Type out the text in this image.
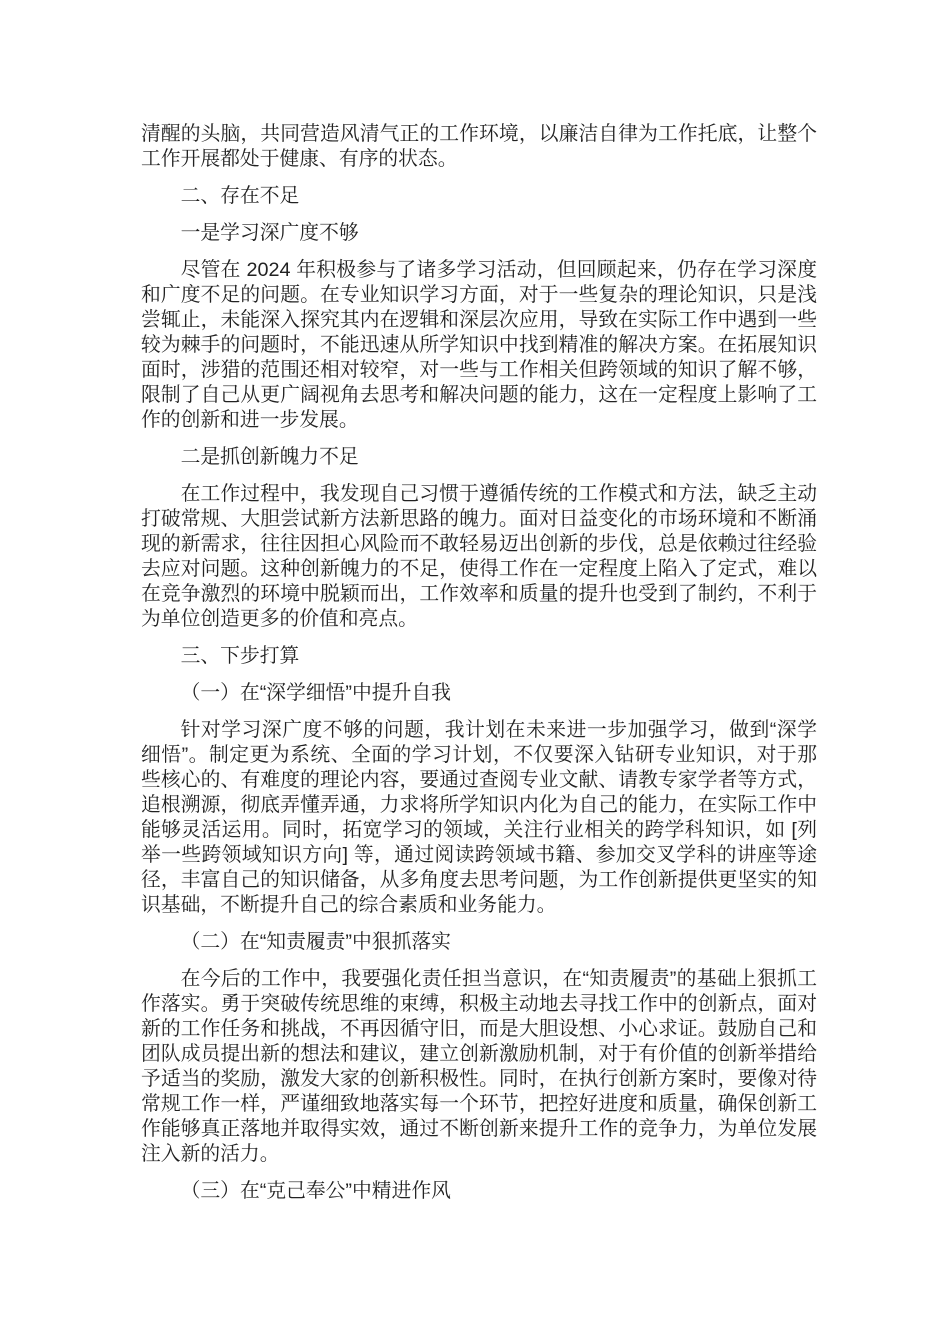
清醒的头脑，共同营造风清气正的工作环境，以廉洁自律为工作托底，让整个工作开展都处于健康、有序的状态。
二、存在不足
一是学习深广度不够
尽管在 2024 年积极参与了诸多学习活动，但回顾起来，仍存在学习深度和广度不足的问题。在专业知识学习方面，对于一些复杂的理论知识，只是浅尝辄止，未能深入探究其内在逻辑和深层次应用，导致在实际工作中遇到一些较为棘手的问题时，不能迅速从所学知识中找到精准的解决方案。在拓展知识面时，涉猎的范围还相对较窄，对一些与工作相关但跨领域的知识了解不够，限制了自己从更广阔视角去思考和解决问题的能力，这在一定程度上影响了工作的创新和进一步发展。
二是抓创新魄力不足
在工作过程中，我发现自己习惯于遵循传统的工作模式和方法，缺乏主动打破常规、大胆尝试新方法新思路的魄力。面对日益变化的市场环境和不断涌现的新需求，往往因担心风险而不敢轻易迈出创新的步伐，总是依赖过往经验去应对问题。这种创新魄力的不足，使得工作在一定程度上陷入了定式，难以在竞争激烈的环境中脱颖而出，工作效率和质量的提升也受到了制约，不利于为单位创造更多的价值和亮点。
三、下步打算
（一）在“深学细悟”中提升自我
针对学习深广度不够的问题，我计划在未来进一步加强学习，做到“深学细悟”。制定更为系统、全面的学习计划，不仅要深入钻研专业知识，对于那些核心的、有难度的理论内容，要通过查阅专业文献、请教专家学者等方式，追根溯源，彻底弄懂弄通，力求将所学知识内化为自己的能力，在实际工作中能够灵活运用。同时，拓宽学习的领域，关注行业相关的跨学科知识，如 [列举一些跨领域知识方向] 等，通过阅读跨领域书籍、参加交叉学科的讲座等途径，丰富自己的知识储备，从多角度去思考问题，为工作创新提供更坚实的知识基础，不断提升自己的综合素质和业务能力。
（二）在“知责履责”中狠抓落实
在今后的工作中，我要强化责任担当意识，在“知责履责”的基础上狠抓工作落实。勇于突破传统思维的束缚，积极主动地去寻找工作中的创新点，面对新的工作任务和挑战，不再因循守旧，而是大胆设想、小心求证。鼓励自己和团队成员提出新的想法和建议，建立创新激励机制，对于有价值的创新举措给予适当的奖励，激发大家的创新积极性。同时，在执行创新方案时，要像对待常规工作一样，严谨细致地落实每一个环节，把控好进度和质量，确保创新工作能够真正落地并取得实效，通过不断创新来提升工作的竞争力，为单位发展注入新的活力。
（三）在“克己奉公”中精进作风
